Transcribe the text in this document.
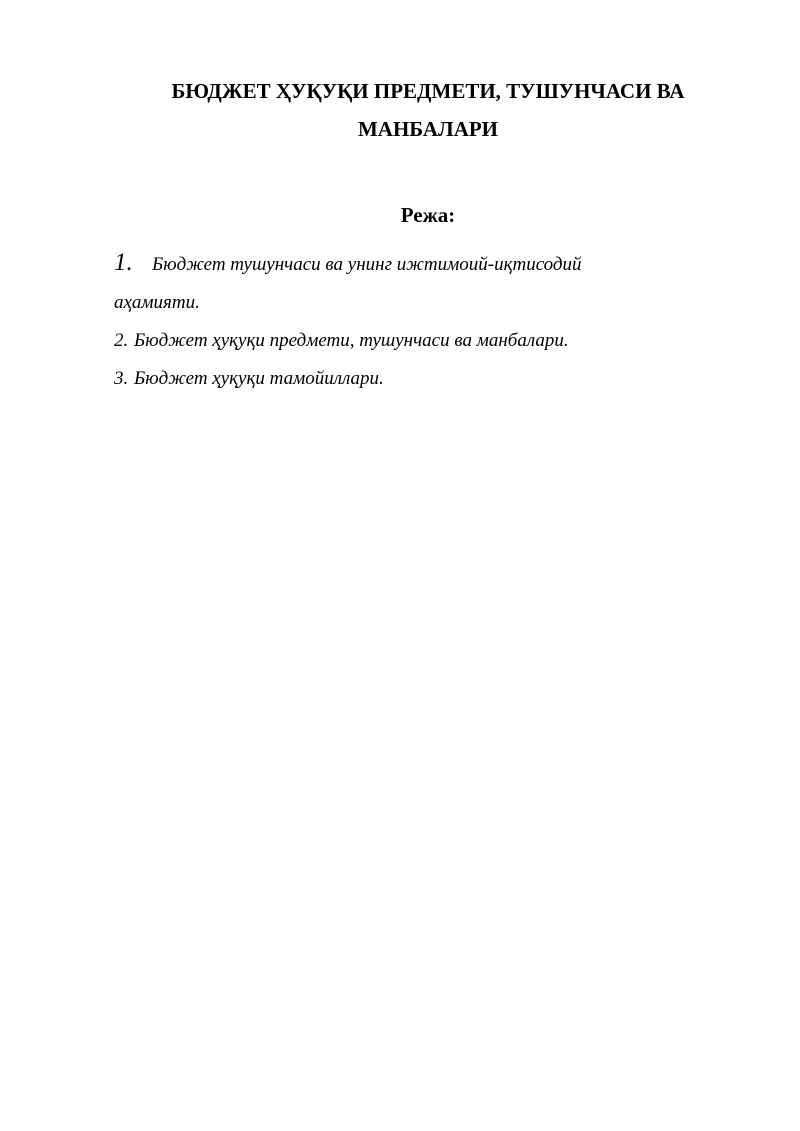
БЮДЖЕТ ҲУҚУҚИ ПРЕДМЕТИ, ТУШУНЧАСИ ВА
МАНБАЛАРИ
Режа:
1. Бюджет тушунчаси ва унинг ижтимоий-иқтисодий
аҳамияти.
2. Бюджет ҳуқуқи предмети, тушунчаси ва манбалари.
3. Бюджет ҳуқуқи тамойиллари.
